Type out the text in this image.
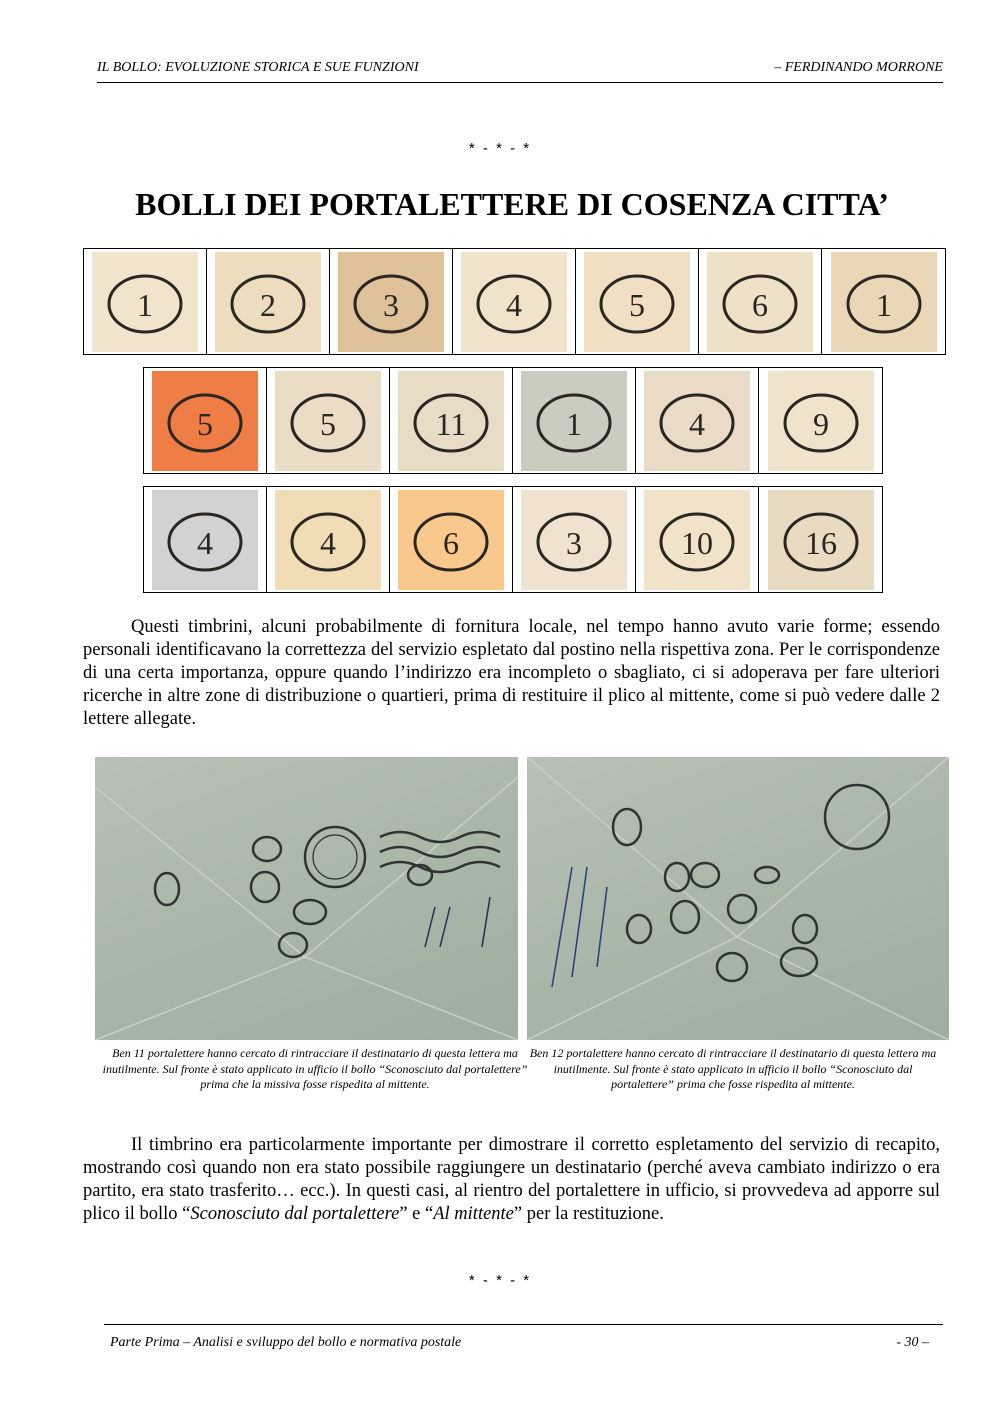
IL BOLLO: EVOLUZIONE STORICA E SUE FUNZIONI	– FERDINANDO MORRONE
* - * - *
BOLLI DEI PORTALETTERE DI COSENZA CITTA’
1	2	3	4	5	6	1
5	5	11	1	4	9
4	4	6	3	10	16

Questi timbrini, alcuni probabilmente di fornitura locale, nel tempo hanno avuto varie forme; essendo personali identificavano la correttezza del servizio espletato dal postino nella rispettiva zona. Per le corrispondenze di una certa importanza, oppure quando l’indirizzo era incompleto o sbagliato, ci si adoperava per fare ulteriori ricerche in altre zone di distribuzione o quartieri, prima di restituire il plico al mittente, come si può vedere dalle 2 lettere allegate.

Ben 11 portalettere hanno cercato di rintracciare il destinatario di questa lettera ma inutilmente. Sul fronte è stato applicato in ufficio il bollo “Sconosciuto dal portalettere” prima che la missiva fosse rispedita al mittente.
Ben 12 portalettere hanno cercato di rintracciare il destinatario di questa lettera ma inutilmente. Sul fronte è stato applicato in ufficio il bollo “Sconosciuto dal portalettere” prima che fosse rispedita al mittente.

Il timbrino era particolarmente importante per dimostrare il corretto espletamento del servizio di recapito, mostrando così quando non era stato possibile raggiungere un destinatario (perché aveva cambiato indirizzo o era partito, era stato trasferito… ecc.). In questi casi, al rientro del portalettere in ufficio, si provvedeva ad apporre sul plico il bollo “Sconosciuto dal portalettere” e “Al mittente” per la restituzione.

* - * - *
Parte Prima – Analisi e sviluppo del bollo e normativa postale	- 30 –
